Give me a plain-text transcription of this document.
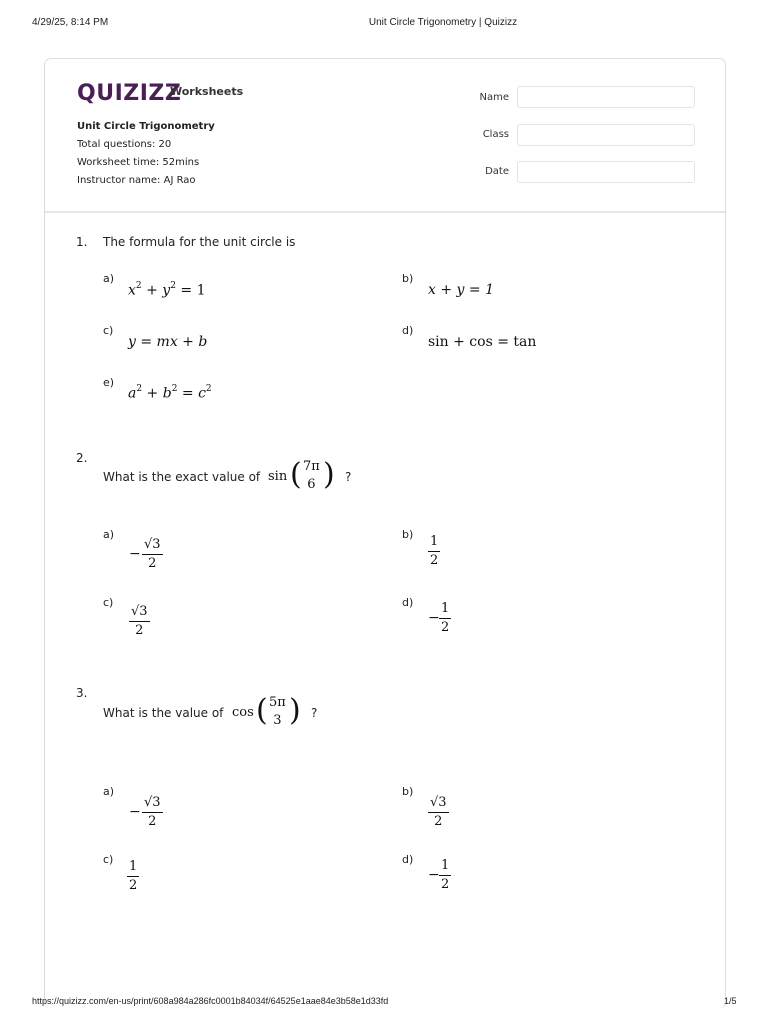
4/29/25, 8:14 PM	Unit Circle Trigonometry | Quizizz
QUIZIZZ
Worksheets
Unit Circle Trigonometry
Total questions: 20
Worksheet time: 52mins
Instructor name: AJ Rao
Name
Class
Date
1. The formula for the unit circle is
a)
$x^2 + y^2 = 1$
b)
x + y = 1
c)
y = mx + b
d)
sin + cos = tan
e)
$a^2 + b^2 = c^2$
2.
What is the exact value of sin ( 7π
6 ) ?
a)
− $\frac{√3}{2}$
$b) \frac{1}{2}$
c)
$\frac{√3}{2}$
d)
− $\frac{1}{2}$
3.
What is the value of cos ( 5π
3 ) ?
a)
− $\frac{√3}{2}$
b)
$\frac{√3}{2}$
$c) \frac{1}{2}$	d)
− $\frac{1}{2}$
https://quizizz.com/en-us/print/608a984a286fc0001b84034f/64525e1aae84e3b58e1d33fd	1/5
